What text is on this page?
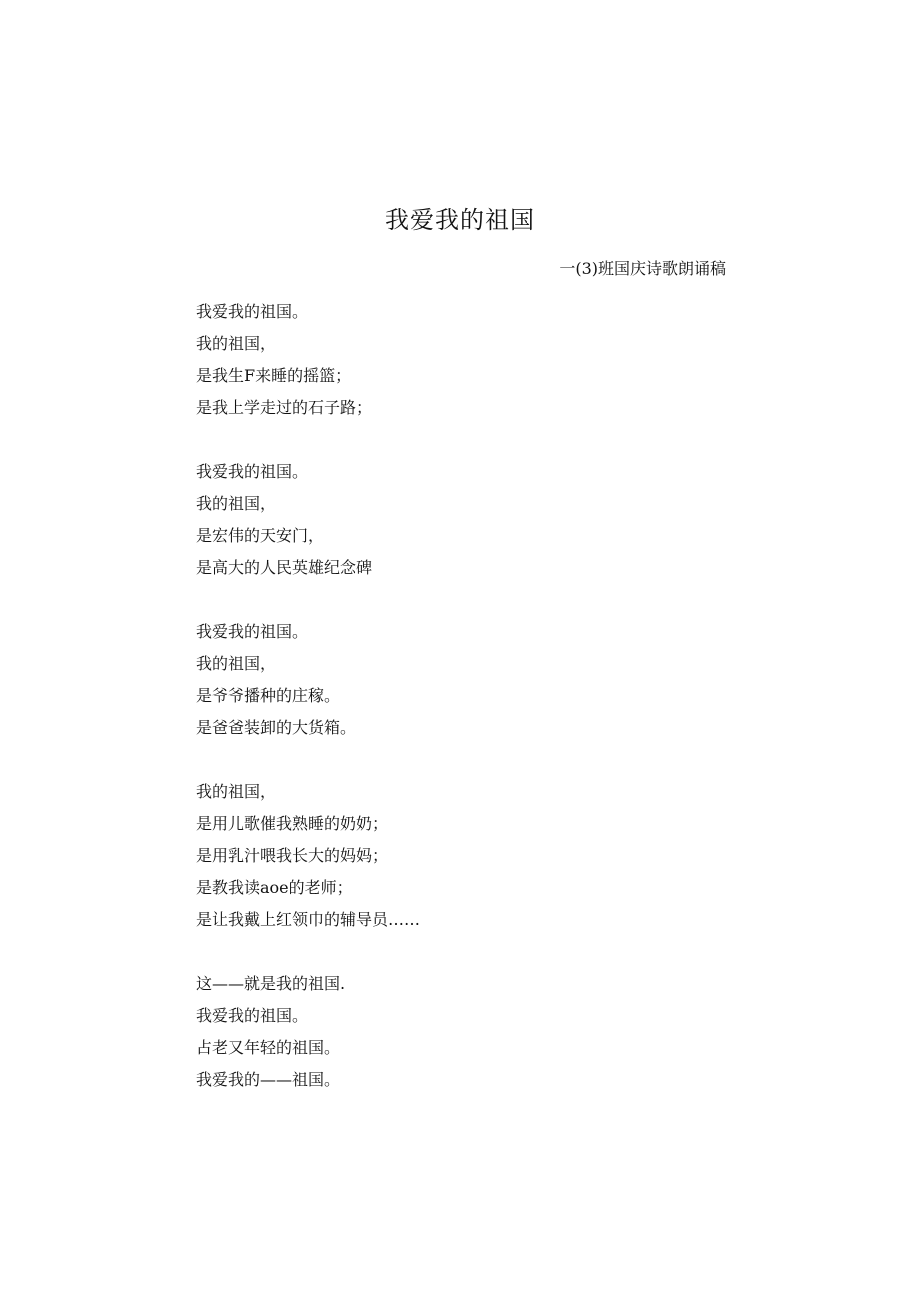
我爱我的祖国
一(3)班国庆诗歌朗诵稿
我爱我的祖国。
我的祖国，
是我生F来睡的摇篮；
是我上学走过的石子路；
我爱我的祖国。
我的祖国，
是宏伟的天安门，
是高大的人民英雄纪念碑
我爱我的祖国。
我的祖国，
是爷爷播种的庄稼。
是爸爸装卸的大货箱。
我的祖国，
是用儿歌催我熟睡的奶奶；
是用乳汁喂我长大的妈妈；
是教我读aoe的老师；
是让我戴上红领巾的辅导员……
这——就是我的祖国.
我爱我的祖国。
占老又年轻的祖国。
我爱我的——祖国。
